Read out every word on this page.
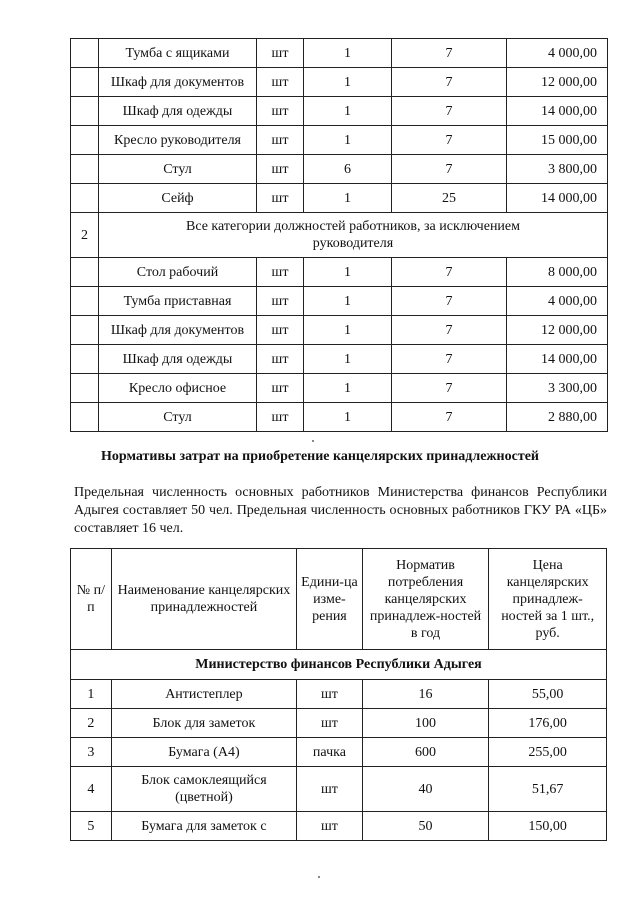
	Тумба с ящиками	шт	1	7	4 000,00
	Шкаф для документов	шт	1	7	12 000,00
	Шкаф для одежды	шт	1	7	14 000,00
	Кресло руководителя	шт	1	7	15 000,00
	Стул	шт	6	7	3 800,00
	Сейф	шт	1	25	14 000,00
2	Все категории должностей работников, за исключением руководителя				
	Стол рабочий	шт	1	7	8 000,00
	Тумба приставная	шт	1	7	4 000,00
	Шкаф для документов	шт	1	7	12 000,00
	Шкаф для одежды	шт	1	7	14 000,00
	Кресло офисное	шт	1	7	3 300,00
	Стул	шт	1	7	2 880,00

Нормативы затрат на приобретение канцелярских принадлежностей

Предельная численность основных работников Министерства финансов Республики Адыгея составляет 50 чел. Предельная численность основных работников ГКУ РА «ЦБ» составляет 16 чел.

№ п/п	Наименование канцелярских принадлежностей	Едини-ца изме-рения	Норматив потребления канцелярских принадлеж-ностей в год	Цена канцелярских принадлеж-ностей за 1 шт., руб.
Министерство финансов Республики Адыгея				
1	Антистеплер	шт	16	55,00
2	Блок для заметок	шт	100	176,00
3	Бумага (А4)	пачка	600	255,00
4	Блок самоклеящийся (цветной)	шт	40	51,67
5	Бумага для заметок с	шт	50	150,00
